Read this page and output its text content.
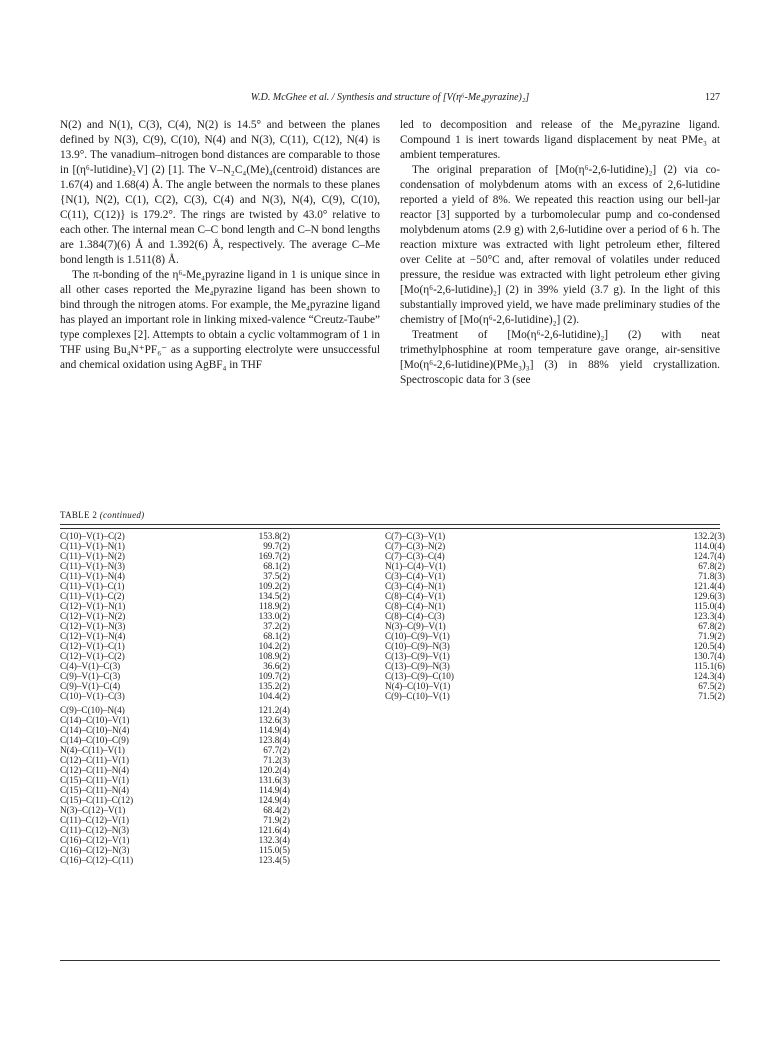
W.D. McGhee et al. / Synthesis and structure of [V(η⁶-Me₄pyrazine)₂]	127

N(2) and N(1), C(3), C(4), N(2) is 14.5° and between the planes defined by N(3), C(9), C(10), N(4) and N(3), C(11), C(12), N(4) is 13.9°. The vanadium–nitrogen bond distances are comparable to those in [(η⁶-lutidine)₂V] (2) [1]. The V–N₂C₄(Me)₄(centroid) distances are 1.67(4) and 1.68(4) Å. The angle between the normals to these planes {N(1), N(2), C(1), C(2), C(3), C(4) and N(3), N(4), C(9), C(10), C(11), C(12)} is 179.2°. The rings are twisted by 43.0° relative to each other. The internal mean C–C bond length and C–N bond lengths are 1.384(7)(6) Å and 1.392(6) Å, respectively. The average C–Me bond length is 1.511(8) Å.

The π-bonding of the η⁶-Me₄pyrazine ligand in 1 is unique since in all other cases reported the Me₄pyrazine ligand has been shown to bind through the nitrogen atoms. For example, the Me₄pyrazine ligand has played an important role in linking mixed-valence “Creutz-Taube” type complexes [2]. Attempts to obtain a cyclic voltammogram of 1 in THF using Bu₄N⁺PF₆⁻ as a supporting electrolyte were unsuccessful and chemical oxidation using AgBF₄ in THF

led to decomposition and release of the Me₄pyrazine ligand. Compound 1 is inert towards ligand displacement by neat PMe₃ at ambient temperatures.

The original preparation of [Mo(η⁶-2,6-lutidine)₂] (2) via co-condensation of molybdenum atoms with an excess of 2,6-lutidine reported a yield of 8%. We repeated this reaction using our bell-jar reactor [3] supported by a turbomolecular pump and co-condensed molybdenum atoms (2.9 g) with 2,6-lutidine over a period of 6 h. The reaction mixture was extracted with light petroleum ether, filtered over Celite at −50°C and, after removal of volatiles under reduced pressure, the residue was extracted with light petroleum ether giving [Mo(η⁶-2,6-lutidine)₂] (2) in 39% yield (3.7 g). In the light of this substantially improved yield, we have made preliminary studies of the chemistry of [Mo(η⁶-2,6-lutidine)₂] (2).

Treatment of [Mo(η⁶-2,6-lutidine)₂] (2) with neat trimethylphosphine at room temperature gave orange, air-sensitive [Mo(η⁶-2,6-lutidine)(PMe₃)₃] (3) in 88% yield crystallization. Spectroscopic data for 3 (see

TABLE 2 (continued)
C(10)–V(1)–C(2)	153.8(2)
C(11)–V(1)–N(1)	99.7(2)
C(11)–V(1)–N(2)	169.7(2)
C(11)–V(1)–N(3)	68.1(2)
C(11)–V(1)–N(4)	37.5(2)
C(11)–V(1)–C(1)	109.2(2)
C(11)–V(1)–C(2)	134.5(2)
C(12)–V(1)–N(1)	118.9(2)
C(12)–V(1)–N(2)	133.0(2)
C(12)–V(1)–N(3)	37.2(2)
C(12)–V(1)–N(4)	68.1(2)
C(12)–V(1)–C(1)	104.2(2)
C(12)–V(1)–C(2)	108.9(2)
C(4)–V(1)–C(3)	36.6(2)
C(9)–V(1)–C(3)	109.7(2)
C(9)–V(1)–C(4)	135.2(2)
C(10)–V(1)–C(3)	104.4(2)
C(9)–C(10)–N(4)	121.2(4)
C(14)–C(10)–V(1)	132.6(3)
C(14)–C(10)–N(4)	114.9(4)
C(14)–C(10)–C(9)	123.8(4)
N(4)–C(11)–V(1)	67.7(2)
C(12)–C(11)–V(1)	71.2(3)
C(12)–C(11)–N(4)	120.2(4)
C(15)–C(11)–V(1)	131.6(3)
C(15)–C(11)–N(4)	114.9(4)
C(15)–C(11)–C(12)	124.9(4)
N(3)–C(12)–V(1)	68.4(2)
C(11)–C(12)–V(1)	71.9(2)
C(11)–C(12)–N(3)	121.6(4)
C(16)–C(12)–V(1)	132.3(4)
C(16)–C(12)–N(3)	115.0(5)
C(16)–C(12)–C(11)	123.4(5)
C(7)–C(3)–V(1)	132.2(3)
C(7)–C(3)–N(2)	114.0(4)
C(7)–C(3)–C(4)	124.7(4)
N(1)–C(4)–V(1)	67.8(2)
C(3)–C(4)–V(1)	71.8(3)
C(3)–C(4)–N(1)	121.4(4)
C(8)–C(4)–V(1)	129.6(3)
C(8)–C(4)–N(1)	115.0(4)
C(8)–C(4)–C(3)	123.3(4)
N(3)–C(9)–V(1)	67.8(2)
C(10)–C(9)–V(1)	71.9(2)
C(10)–C(9)–N(3)	120.5(4)
C(13)–C(9)–V(1)	130.7(4)
C(13)–C(9)–N(3)	115.1(6)
C(13)–C(9)–C(10)	124.3(4)
N(4)–C(10)–V(1)	67.5(2)
C(9)–C(10)–V(1)	71.5(2)
